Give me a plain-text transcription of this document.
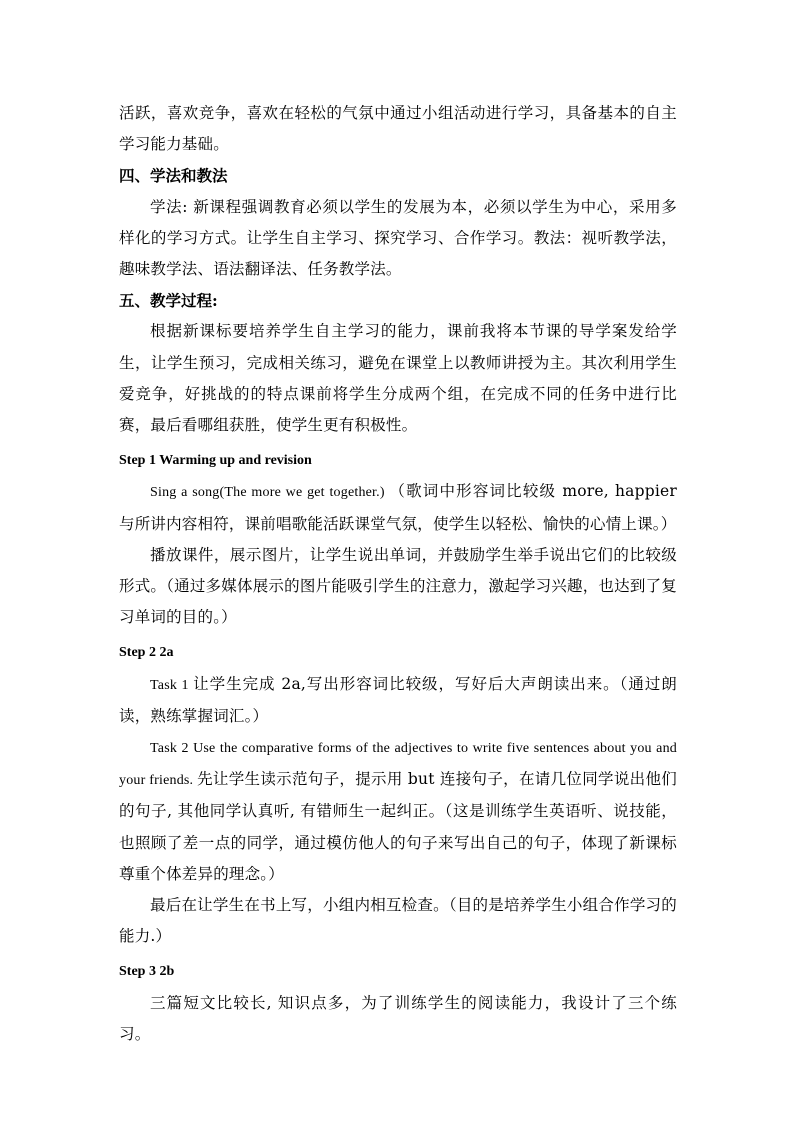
活跃，喜欢竞争，喜欢在轻松的气氛中通过小组活动进行学习，具备基本的自主学习能力基础。

四、学法和教法

学法: 新课程强调教育必须以学生的发展为本，必须以学生为中心，采用多样化的学习方式。让学生自主学习、探究学习、合作学习。教法：视听教学法，趣味教学法、语法翻译法、任务教学法。

五、教学过程:

根据新课标要培养学生自主学习的能力，课前我将本节课的导学案发给学生，让学生预习，完成相关练习，避免在课堂上以教师讲授为主。其次利用学生爱竞争，好挑战的的特点课前将学生分成两个组，在完成不同的任务中进行比赛，最后看哪组获胜，使学生更有积极性。

Step 1 Warming up and revision

Sing a song(The more we get together.) （歌词中形容词比较级 more, happier 与所讲内容相符，课前唱歌能活跃课堂气氛，使学生以轻松、愉快的心情上课。）

播放课件，展示图片，让学生说出单词，并鼓励学生举手说出它们的比较级形式。（通过多媒体展示的图片能吸引学生的注意力，激起学习兴趣，也达到了复习单词的目的。）

Step 2 2a

Task 1 让学生完成 2a,写出形容词比较级，写好后大声朗读出来。（通过朗读，熟练掌握词汇。）

Task 2 Use the comparative forms of the adjectives to write five sentences about you and your friends. 先让学生读示范句子，提示用 but 连接句子，在请几位同学说出他们的句子, 其他同学认真听, 有错师生一起纠正。（这是训练学生英语听、说技能，也照顾了差一点的同学，通过模仿他人的句子来写出自己的句子，体现了新课标尊重个体差异的理念。）

最后在让学生在书上写，小组内相互检查。（目的是培养学生小组合作学习的能力.）

Step 3 2b

三篇短文比较长, 知识点多，为了训练学生的阅读能力，我设计了三个练习。
